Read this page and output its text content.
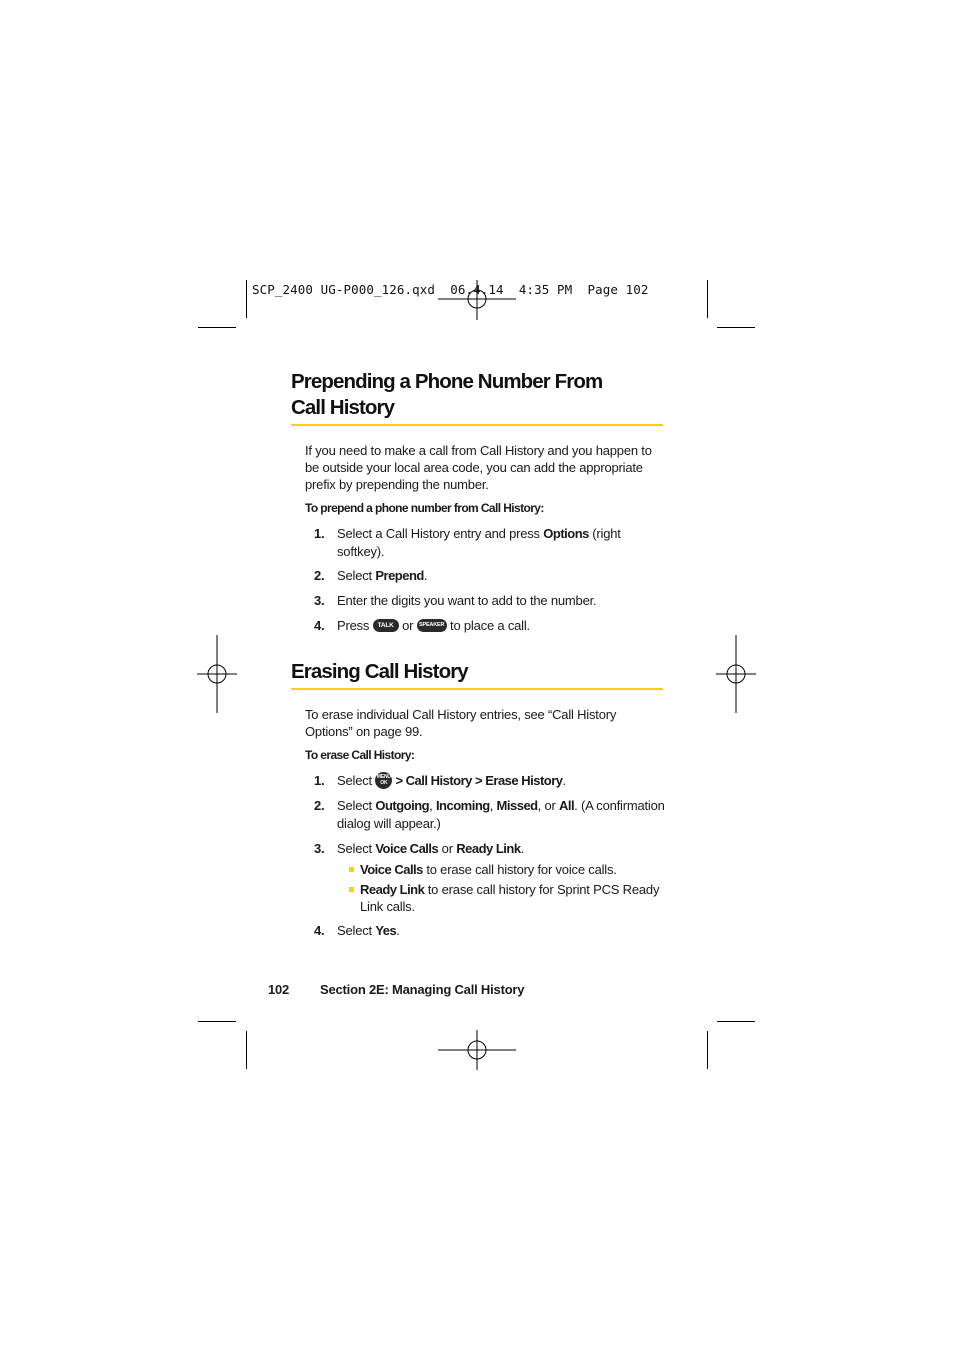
SCP_2400 UG-P000_126.qxd  06.4.14  4:35 PM  Page 102
Prepending a Phone Number From
Call History
If you need to make a call from Call History and you happen to be outside your local area code, you can add the appropriate prefix by prepending the number.
To prepend a phone number from Call History:
1. Select a Call History entry and press Options (right softkey).
2. Select Prepend.
3. Enter the digits you want to add to the number.
4. Press TALK or SPEAKER to place a call.
Erasing Call History
To erase individual Call History entries, see “Call History Options” on page 99.
To erase Call History:
1. Select MENU
OK > Call History > Erase History.
2. Select Outgoing, Incoming, Missed, or All. (A confirmation dialog will appear.)
3. Select Voice Calls or Ready Link.
Voice Calls to erase call history for voice calls.
Ready Link to erase call history for Sprint PCS Ready Link calls.
4. Select Yes.
102 Section 2E: Managing Call History
